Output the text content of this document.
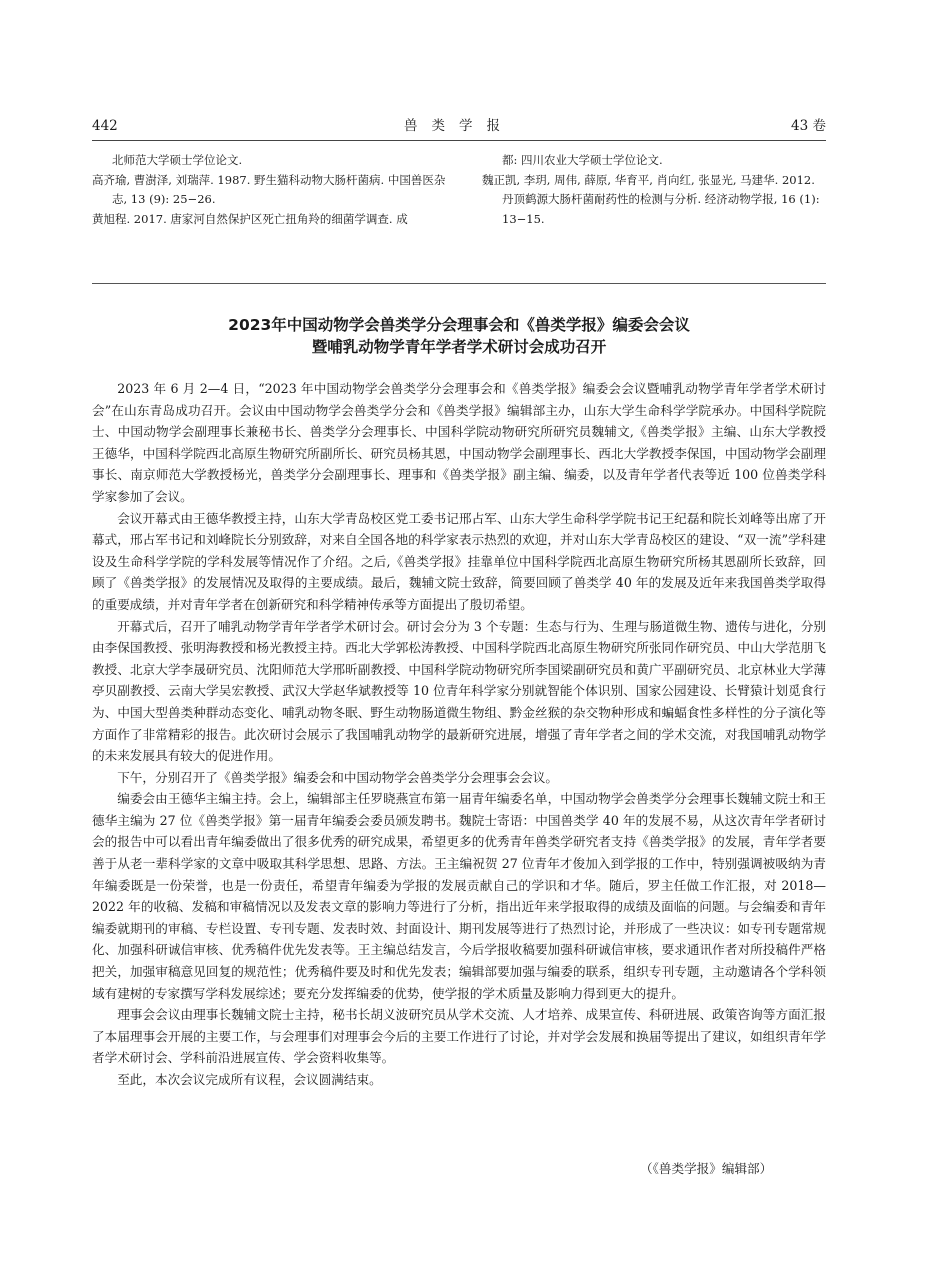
442	兽类学报	43 卷

北师范大学硕士学位论文.

高齐瑜, 曹澍泽, 刘瑞萍. 1987. 野生猫科动物大肠杆菌病. 中国兽医杂志, 13 (9): 25−26.

黄旭程. 2017. 唐家河自然保护区死亡扭角羚的细菌学调查. 成

都: 四川农业大学硕士学位论文.

魏正凯, 李玥, 周伟, 薛原, 华育平, 肖向红, 张显光, 马建华. 2012. 丹顶鹤源大肠杆菌耐药性的检测与分析. 经济动物学报, 16 (1): 13−15.

2023年中国动物学会兽类学分会理事会和《兽类学报》编委会会议
暨哺乳动物学青年学者学术研讨会成功召开

2023 年 6 月 2—4 日，“2023 年中国动物学会兽类学分会理事会和《兽类学报》编委会会议暨哺乳动物学青年学者学术研讨会”在山东青岛成功召开。会议由中国动物学会兽类学分会和《兽类学报》编辑部主办，山东大学生命科学学院承办。中国科学院院士、中国动物学会副理事长兼秘书长、兽类学分会理事长、中国科学院动物研究所研究员魏辅文,《兽类学报》主编、山东大学教授王德华，中国科学院西北高原生物研究所副所长、研究员杨其恩，中国动物学会副理事长、西北大学教授李保国，中国动物学会副理事长、南京师范大学教授杨光，兽类学分会副理事长、理事和《兽类学报》副主编、编委，以及青年学者代表等近 100 位兽类学科学家参加了会议。

会议开幕式由王德华教授主持，山东大学青岛校区党工委书记邢占军、山东大学生命科学学院书记王纪磊和院长刘峰等出席了开幕式，邢占军书记和刘峰院长分别致辞，对来自全国各地的科学家表示热烈的欢迎，并对山东大学青岛校区的建设、“双一流”学科建设及生命科学学院的学科发展等情况作了介绍。之后,《兽类学报》挂靠单位中国科学院西北高原生物研究所杨其恩副所长致辞，回顾了《兽类学报》的发展情况及取得的主要成绩。最后，魏辅文院士致辞，简要回顾了兽类学 40 年的发展及近年来我国兽类学取得的重要成绩，并对青年学者在创新研究和科学精神传承等方面提出了殷切希望。

开幕式后，召开了哺乳动物学青年学者学术研讨会。研讨会分为 3 个专题：生态与行为、生理与肠道微生物、遗传与进化，分别由李保国教授、张明海教授和杨光教授主持。西北大学郭松涛教授、中国科学院西北高原生物研究所张同作研究员、中山大学范朋飞教授、北京大学李晟研究员、沈阳师范大学邢昕副教授、中国科学院动物研究所李国梁副研究员和黄广平副研究员、北京林业大学薄亭贝副教授、云南大学吴宏教授、武汉大学赵华斌教授等 10 位青年科学家分别就智能个体识别、国家公园建设、长臂猿计划觅食行为、中国大型兽类种群动态变化、哺乳动物冬眠、野生动物肠道微生物组、黔金丝猴的杂交物种形成和蝙蝠食性多样性的分子演化等方面作了非常精彩的报告。此次研讨会展示了我国哺乳动物学的最新研究进展，增强了青年学者之间的学术交流，对我国哺乳动物学的未来发展具有较大的促进作用。

下午，分别召开了《兽类学报》编委会和中国动物学会兽类学分会理事会会议。

编委会由王德华主编主持。会上，编辑部主任罗晓燕宣布第一届青年编委名单，中国动物学会兽类学分会理事长魏辅文院士和王德华主编为 27 位《兽类学报》第一届青年编委会委员颁发聘书。魏院士寄语：中国兽类学 40 年的发展不易，从这次青年学者研讨会的报告中可以看出青年编委做出了很多优秀的研究成果，希望更多的优秀青年兽类学研究者支持《兽类学报》的发展，青年学者要善于从老一辈科学家的文章中吸取其科学思想、思路、方法。王主编祝贺 27 位青年才俊加入到学报的工作中，特别强调被吸纳为青年编委既是一份荣誉，也是一份责任，希望青年编委为学报的发展贡献自己的学识和才华。随后，罗主任做工作汇报，对 2018—2022 年的收稿、发稿和审稿情况以及发表文章的影响力等进行了分析，指出近年来学报取得的成绩及面临的问题。与会编委和青年编委就期刊的审稿、专栏设置、专刊专题、发表时效、封面设计、期刊发展等进行了热烈讨论，并形成了一些决议：如专刊专题常规化、加强科研诚信审核、优秀稿件优先发表等。王主编总结发言，今后学报收稿要加强科研诚信审核，要求通讯作者对所投稿件严格把关，加强审稿意见回复的规范性；优秀稿件要及时和优先发表；编辑部要加强与编委的联系，组织专刊专题，主动邀请各个学科领域有建树的专家撰写学科发展综述；要充分发挥编委的优势，使学报的学术质量及影响力得到更大的提升。

理事会会议由理事长魏辅文院士主持，秘书长胡义波研究员从学术交流、人才培养、成果宣传、科研进展、政策咨询等方面汇报了本届理事会开展的主要工作，与会理事们对理事会今后的主要工作进行了讨论，并对学会发展和换届等提出了建议，如组织青年学者学术研讨会、学科前沿进展宣传、学会资料收集等。

至此，本次会议完成所有议程，会议圆满结束。

（《兽类学报》编辑部）
